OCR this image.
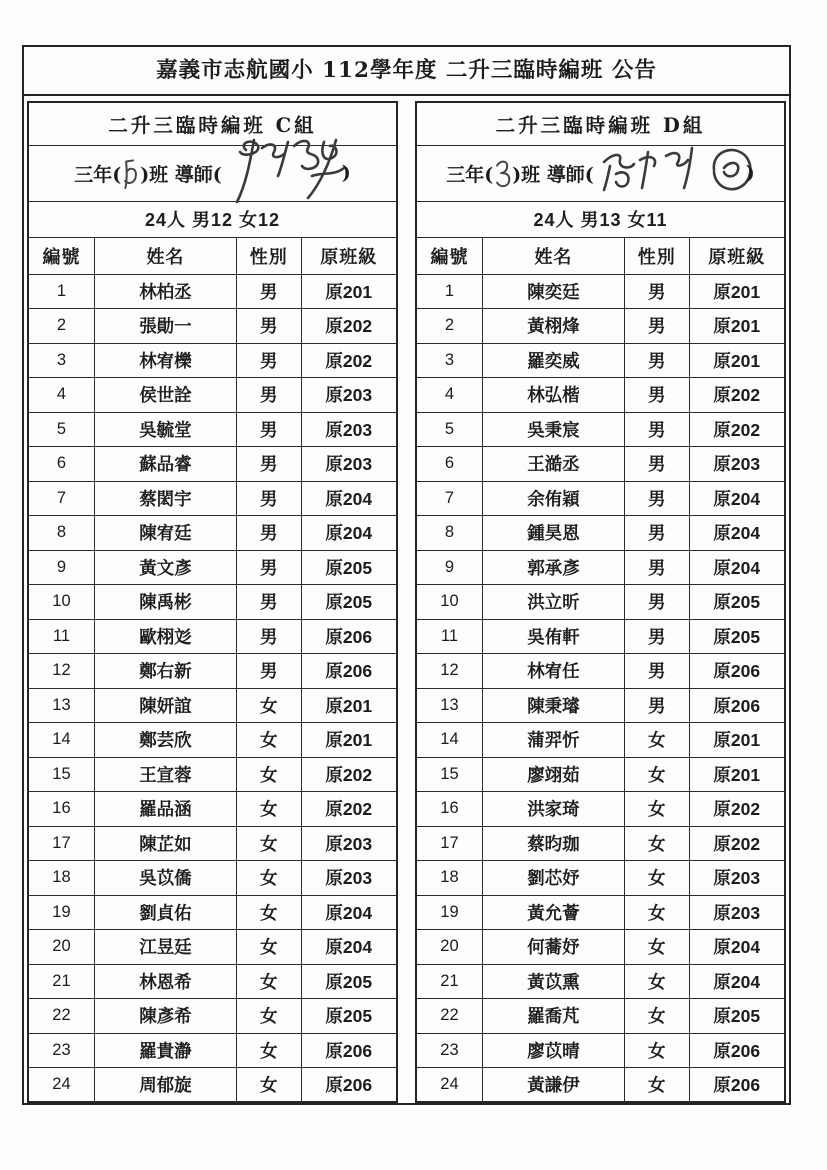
嘉義市志航國小 112學年度 二升三臨時編班 公告
二升三臨時編班 C組			

三年( )班 導師( )			

24人 男12 女12			
編號	姓名	性別	原班級
1	林柏丞	男	原201
2	張勛一	男	原202
3	林宥櫟	男	原202
4	侯世詮	男	原203
5	吳毓堂	男	原203
6	蘇品睿	男	原203
7	蔡閎宇	男	原204
8	陳宥廷	男	原204
9	黃文彥	男	原205
10	陳禹彬	男	原205
11	歐栩彣	男	原206
12	鄭右新	男	原206
13	陳妍誼	女	原201
14	鄭芸欣	女	原201
15	王宣蓉	女	原202
16	羅品涵	女	原202
17	陳芷如	女	原203
18	吳苡僑	女	原203
19	劉貞佑	女	原204
20	江昱廷	女	原204
21	林恩希	女	原205
22	陳彥希	女	原205
23	羅貴瀞	女	原206
24	周郁旋	女	原206
二升三臨時編班 D組			

三年( )班 導師( )			

24人 男13 女11			
編號	姓名	性別	原班級
1	陳奕廷	男	原201
2	黃栩烽	男	原201
3	羅奕威	男	原201
4	林弘楷	男	原202
5	吳秉宸	男	原202
6	王澔丞	男	原203
7	余侑穎	男	原204
8	鍾昊恩	男	原204
9	郭承彥	男	原204
10	洪立昕	男	原205
11	吳侑軒	男	原205
12	林宥任	男	原206
13	陳秉璿	男	原206
14	蒲羿忻	女	原201
15	廖翊茹	女	原201
16	洪家琦	女	原202
17	蔡昀珈	女	原202
18	劉芯妤	女	原203
19	黃允薈	女	原203
20	何蕎妤	女	原204
21	黃苡熏	女	原204
22	羅喬芃	女	原205
23	廖苡晴	女	原206
24	黃謙伊	女	原206
